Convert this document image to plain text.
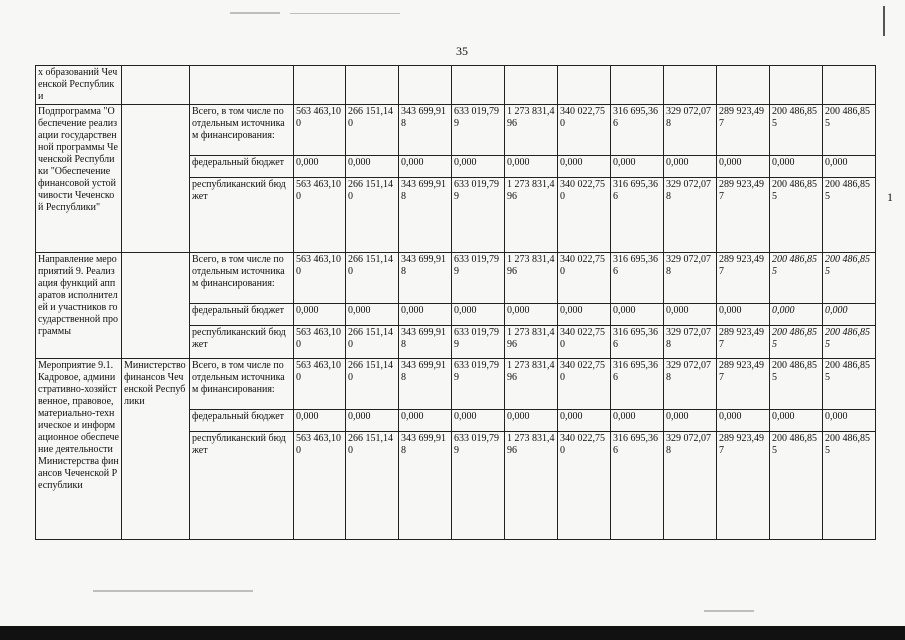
35
х образований Чеченской Республики													
Подпрограмма "Обеспечение реализации государственной программы Чеченской Республики "Обеспечение финансовой устойчивости Чеченской Республики"		Всего, в том числе по отдельным источникам финансирования:	563 463,100	266 151,140	343 699,918	633 019,799	1 273 831,496	340 022,750	316 695,366	329 072,078	289 923,497	200 486,855	200 486,855
		федеральный бюджет	0,000	0,000	0,000	0,000	0,000	0,000	0,000	0,000	0,000	0,000	0,000
		республиканский бюджет	563 463,100	266 151,140	343 699,918	633 019,799	1 273 831,496	340 022,750	316 695,366	329 072,078	289 923,497	200 486,855	200 486,855
Направление мероприятий 9. Реализация функций аппаратов исполнителей и участников государственной программы		Всего, в том числе по отдельным источникам финансирования:	563 463,100	266 151,140	343 699,918	633 019,799	1 273 831,496	340 022,750	316 695,366	329 072,078	289 923,497	200 486,855	200 486,855
		федеральный бюджет	0,000	0,000	0,000	0,000	0,000	0,000	0,000	0,000	0,000	0,000	0,000
		республиканский бюджет	563 463,100	266 151,140	343 699,918	633 019,799	1 273 831,496	340 022,750	316 695,366	329 072,078	289 923,497	200 486,855	200 486,855
Мероприятие 9.1. Кадровое, административно-хозяйственное, правовое, материально-техническое и информационное обеспечение деятельности Министерства финансов Чеченской Республики	Министерство финансов Чеченской Республики	Всего, в том числе по отдельным источникам финансирования:	563 463,100	266 151,140	343 699,918	633 019,799	1 273 831,496	340 022,750	316 695,366	329 072,078	289 923,497	200 486,855	200 486,855
		федеральный бюджет	0,000	0,000	0,000	0,000	0,000	0,000	0,000	0,000	0,000	0,000	0,000
		республиканский бюджет	563 463,100	266 151,140	343 699,918	633 019,799	1 273 831,496	340 022,750	316 695,366	329 072,078	289 923,497	200 486,855	200 486,855
1
